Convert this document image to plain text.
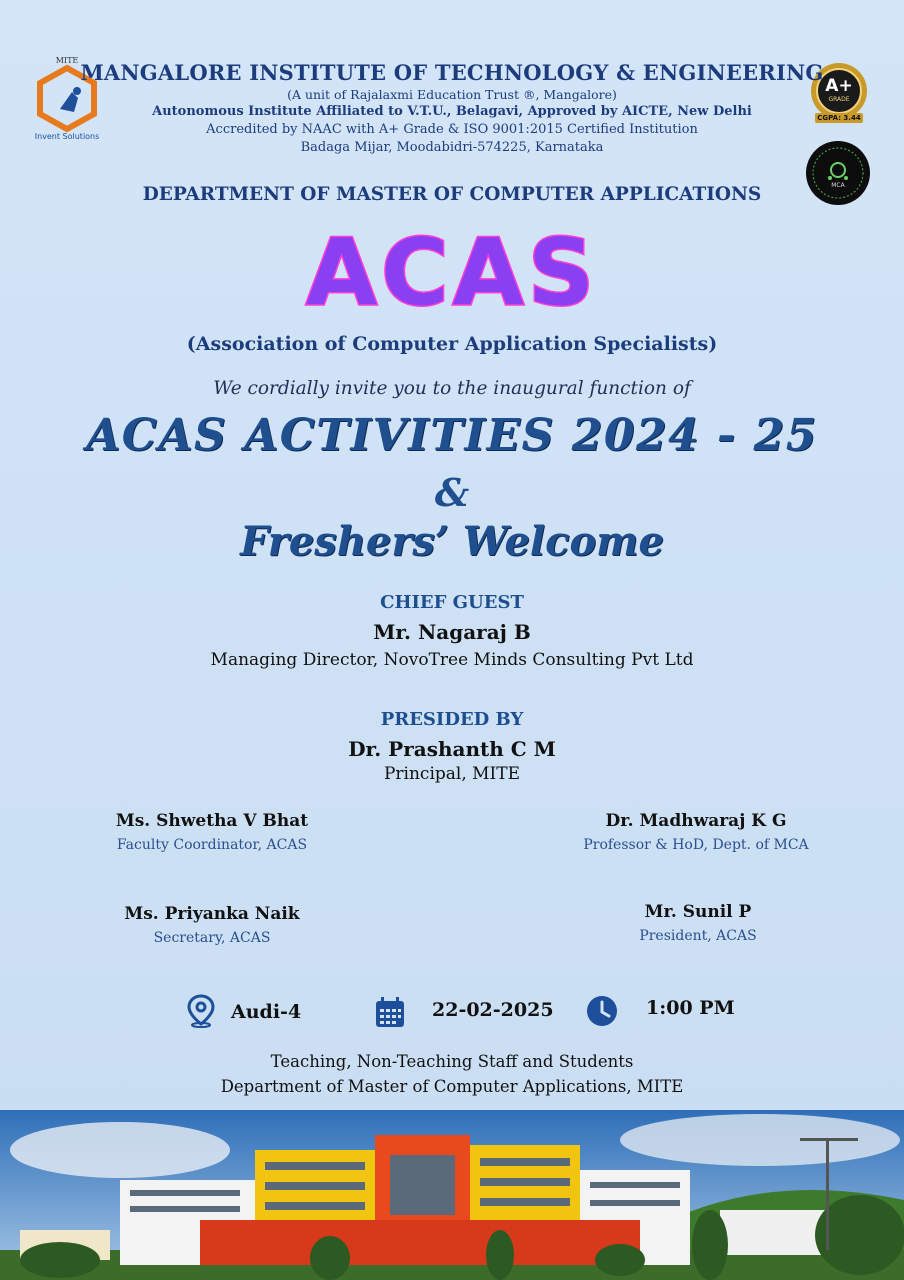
MITE
Invent Solutions
A+
GRADE
CGPA: 3.44
MCA
MANGALORE INSTITUTE OF TECHNOLOGY & ENGINEERING
(A unit of Rajalaxmi Education Trust ®, Mangalore)
Autonomous Institute Affiliated to V.T.U., Belagavi, Approved by AICTE, New Delhi
Accredited by NAAC with A+ Grade & ISO 9001:2015 Certified Institution
Badaga Mijar, Moodabidri-574225, Karnataka
DEPARTMENT OF MASTER OF COMPUTER APPLICATIONS
ACAS
(Association of Computer Application Specialists)
We cordially invite you to the inaugural function of
ACAS ACTIVITIES 2024 - 25
&
Freshers’ Welcome
CHIEF GUEST
Mr. Nagaraj B
Managing Director, NovoTree Minds Consulting Pvt Ltd
PRESIDED BY
Dr. Prashanth C M
Principal, MITE
Ms. Shwetha V Bhat
Faculty Coordinator, ACAS
Dr. Madhwaraj K G
Professor & HoD, Dept. of MCA
Ms. Priyanka Naik
Secretary, ACAS
Mr. Sunil P
President, ACAS
Audi-4	22-02-2025	1:00 PM
Teaching, Non-Teaching Staff and Students
Department of Master of Computer Applications, MITE
